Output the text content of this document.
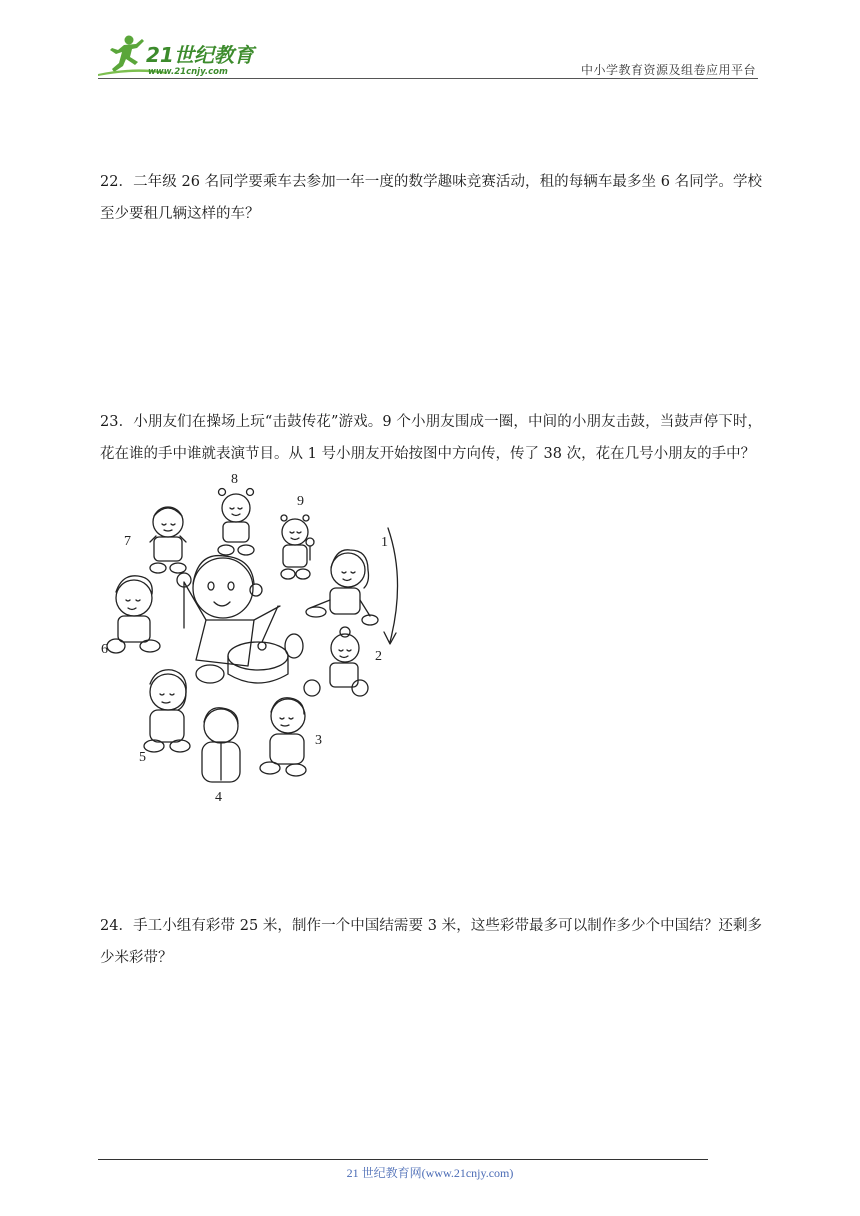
21世纪教育
www.21cnjy.com	中小学教育资源及组卷应用平台
22．二年级 26 名同学要乘车去参加一年一度的数学趣味竞赛活动，租的每辆车最多坐 6 名同学。学校至少要租几辆这样的车？
23．小朋友们在操场上玩“击鼓传花”游戏。9 个小朋友围成一圈，中间的小朋友击鼓，当鼓声停下时，花在谁的手中谁就表演节目。从 1 号小朋友开始按图中方向传，传了 38 次，花在几号小朋友的手中？
8
9
7	1
6	2
3
5
4
24．手工小组有彩带 25 米，制作一个中国结需要 3 米，这些彩带最多可以制作多少个中国结？还剩多少米彩带？
21 世纪教育网(www.21cnjy.com)
